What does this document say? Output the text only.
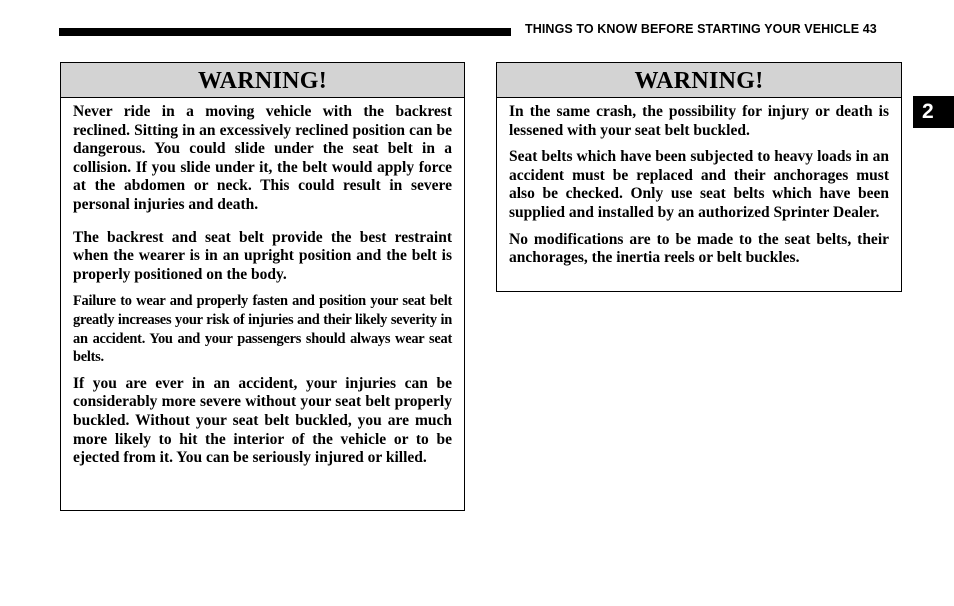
THINGS TO KNOW BEFORE STARTING YOUR VEHICLE 43
2
WARNING!

Never ride in a moving vehicle with the backrest reclined. Sitting in an excessively reclined position can be dangerous. You could slide under the seat belt in a collision. If you slide under it, the belt would apply force at the abdomen or neck. This could result in severe personal injuries and death.

The backrest and seat belt provide the best restraint when the wearer is in an upright position and the belt is properly positioned on the body.

Failure to wear and properly fasten and position your seat belt greatly increases your risk of injuries and their likely severity in an accident. You and your passengers should always wear seat belts.

If you are ever in an accident, your injuries can be considerably more severe without your seat belt properly buckled. Without your seat belt buckled, you are much more likely to hit the interior of the vehicle or to be ejected from it. You can be seriously injured or killed.

WARNING!

In the same crash, the possibility for injury or death is lessened with your seat belt buckled.

Seat belts which have been subjected to heavy loads in an accident must be replaced and their anchorages must also be checked. Only use seat belts which have been supplied and installed by an authorized Sprinter Dealer.

No modifications are to be made to the seat belts, their anchorages, the inertia reels or belt buckles.
